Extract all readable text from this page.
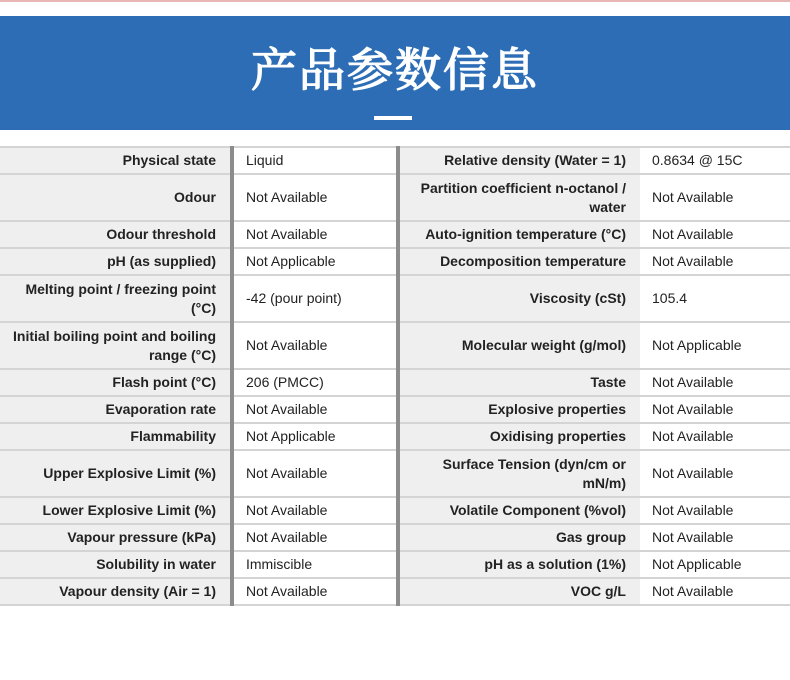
产品参数信息
Physical state	Liquid	Relative density (Water = 1)	0.8634 @ 15C
Odour	Not Available	Partition coefficient n-octanol / water	Not Available
Odour threshold	Not Available	Auto-ignition temperature (°C)	Not Available
pH (as supplied)	Not Applicable	Decomposition temperature	Not Available
Melting point / freezing point (°C)	-42 (pour point)	Viscosity (cSt)	105.4
Initial boiling point and boiling range (°C)	Not Available	Molecular weight (g/mol)	Not Applicable
Flash point (°C)	206 (PMCC)	Taste	Not Available
Evaporation rate	Not Available	Explosive properties	Not Available
Flammability	Not Applicable	Oxidising properties	Not Available
Upper Explosive Limit (%)	Not Available	Surface Tension (dyn/cm or mN/m)	Not Available
Lower Explosive Limit (%)	Not Available	Volatile Component (%vol)	Not Available
Vapour pressure (kPa)	Not Available	Gas group	Not Available
Solubility in water	Immiscible	pH as a solution (1%)	Not Applicable
Vapour density (Air = 1)	Not Available	VOC g/L	Not Available
